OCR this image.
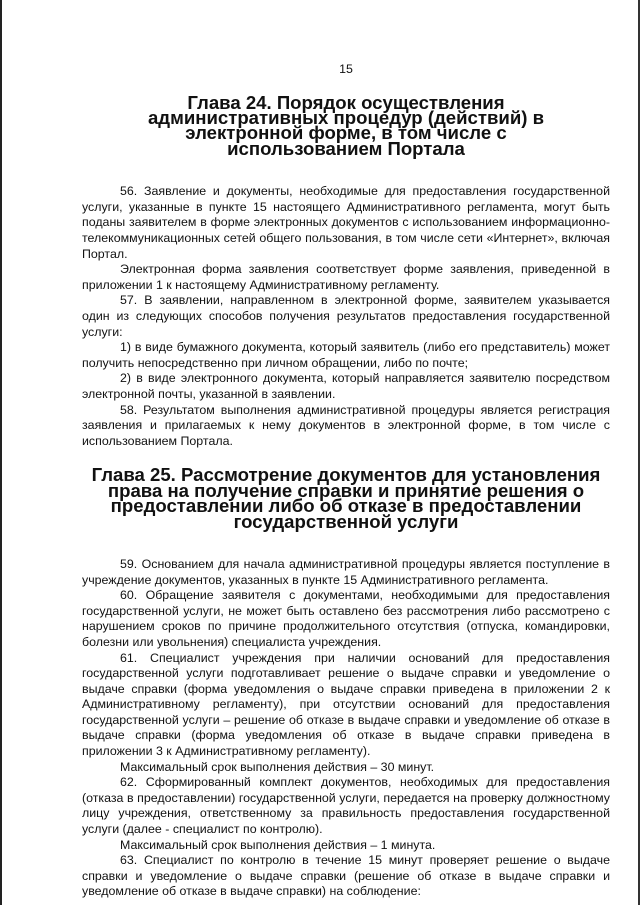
15

Глава 24. Порядок осуществления административных процедур (действий) в электронной форме, в том числе с использованием Портала

56. Заявление и документы, необходимые для предоставления государственной услуги, указанные в пункте 15 настоящего Административного регламента, могут быть поданы заявителем в форме электронных документов с использованием информационно-телекоммуникационных сетей общего пользования, в том числе сети «Интернет», включая Портал.

Электронная форма заявления соответствует форме заявления, приведенной в приложении 1 к настоящему Административному регламенту.

57. В заявлении, направленном в электронной форме, заявителем указывается один из следующих способов получения результатов предоставления государственной услуги:

1) в виде бумажного документа, который заявитель (либо его представитель) может получить непосредственно при личном обращении, либо по почте;

2) в виде электронного документа, который направляется заявителю посредством электронной почты, указанной в заявлении.

58. Результатом выполнения административной процедуры является регистрация заявления и прилагаемых к нему документов в электронной форме, в том числе с использованием Портала.

Глава 25. Рассмотрение документов для установления права на получение справки и принятие решения о предоставлении либо об отказе в предоставлении государственной услуги

59. Основанием для начала административной процедуры является поступление в учреждение документов, указанных в пункте 15 Административного регламента.

60. Обращение заявителя с документами, необходимыми для предоставления государственной услуги, не может быть оставлено без рассмотрения либо рассмотрено с нарушением сроков по причине продолжительного отсутствия (отпуска, командировки, болезни или увольнения) специалиста учреждения.

61. Специалист учреждения при наличии оснований для предоставления государственной услуги подготавливает решение о выдаче справки и уведомление о выдаче справки (форма уведомления о выдаче справки приведена в приложении 2 к Административному регламенту), при отсутствии оснований для предоставления государственной услуги – решение об отказе в выдаче справки и уведомление об отказе в выдаче справки (форма уведомления об отказе в выдаче справки приведена в приложении 3 к Административному регламенту).

Максимальный срок выполнения действия – 30 минут.

62. Сформированный комплект документов, необходимых для предоставления (отказа в предоставлении) государственной услуги, передается на проверку должностному лицу учреждения, ответственному за правильность предоставления государственной услуги (далее - специалист по контролю).

Максимальный срок выполнения действия – 1 минута.

63. Специалист по контролю в течение 15 минут проверяет решение о выдаче справки и уведомление о выдаче справки (решение об отказе в выдаче справки и уведомление об отказе в выдаче справки) на соблюдение:
